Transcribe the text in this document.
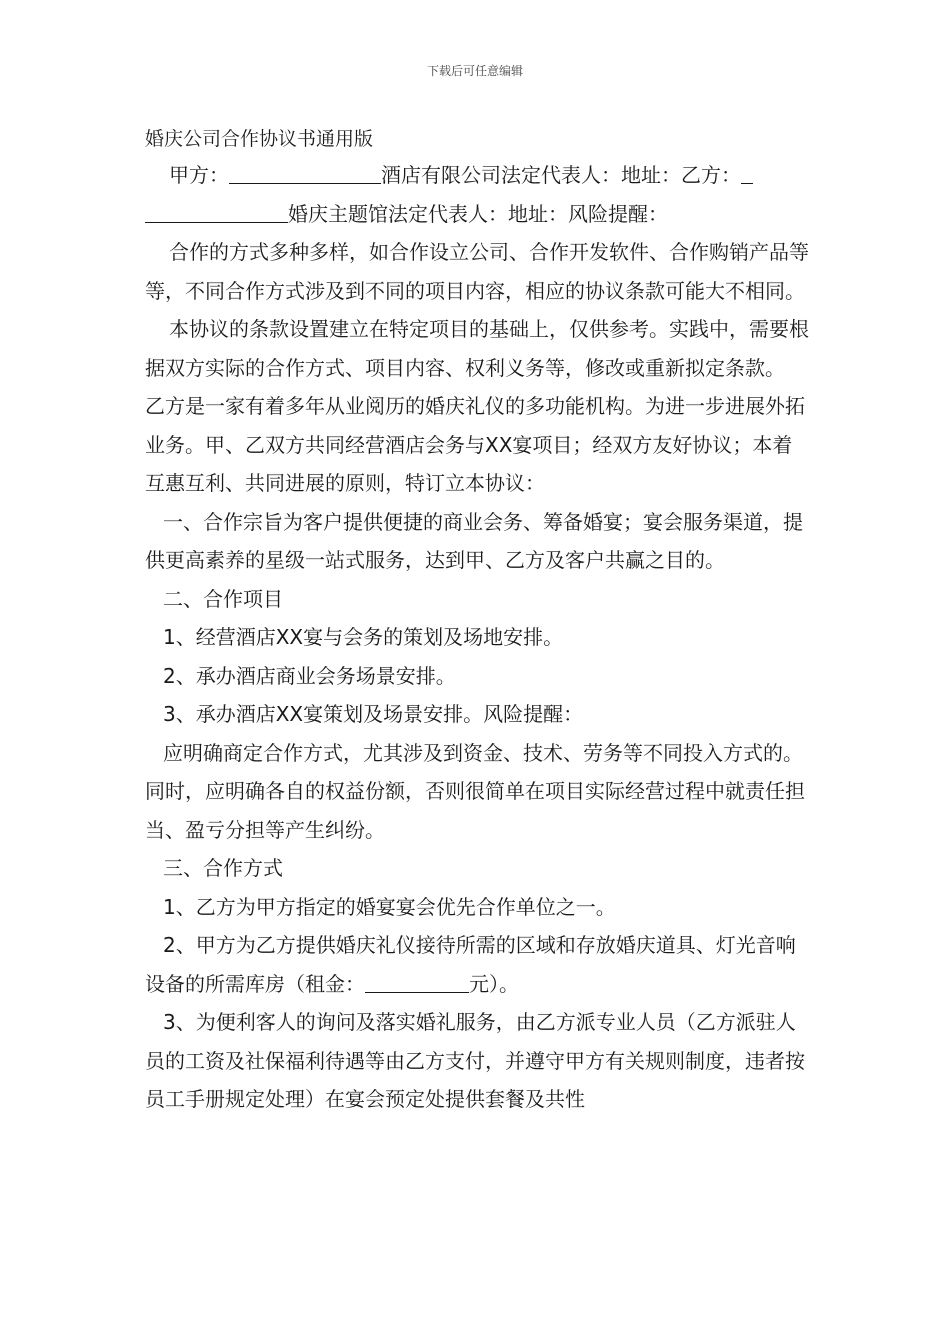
下载后可任意编辑
婚庆公司合作协议书通用版

甲方：	酒店有限公司法定代表人：地址：乙方：

婚庆主题馆法定代表人：地址：风险提醒：

合作的方式多种多样，如合作设立公司、合作开发软件、合作购销产品等等，不同合作方式涉及到不同的项目内容，相应的协议条款可能大不相同。

本协议的条款设置建立在特定项目的基础上，仅供参考。实践中，需要根据双方实际的合作方式、项目内容、权利义务等，修改或重新拟定条款。 乙方是一家有着多年从业阅历的婚庆礼仪的多功能机构。为进一步进展外拓业务。甲、乙双方共同经营酒店会务与XX宴项目；经双方友好协议；本着互惠互利、共同进展的原则，特订立本协议：

一、合作宗旨为客户提供便捷的商业会务、筹备婚宴；宴会服务渠道，提供更高素养的星级一站式服务，达到甲、乙方及客户共赢之目的。

二、合作项目

1、经营酒店XX宴与会务的策划及场地安排。

2、承办酒店商业会务场景安排。

3、承办酒店XX宴策划及场景安排。风险提醒：

应明确商定合作方式，尤其涉及到资金、技术、劳务等不同投入方式的。同时，应明确各自的权益份额，否则很简单在项目实际经营过程中就责任担当、盈亏分担等产生纠纷。

三、合作方式

1、乙方为甲方指定的婚宴宴会优先合作单位之一。

2、甲方为乙方提供婚庆礼仪接待所需的区域和存放婚庆道具、灯光音响设备的所需库房（租金：	元）。

3、为便利客人的询问及落实婚礼服务，由乙方派专业人员（乙方派驻人员的工资及社保福利待遇等由乙方支付，并遵守甲方有关规则制度，违者按员工手册规定处理）在宴会预定处提供套餐及共性
